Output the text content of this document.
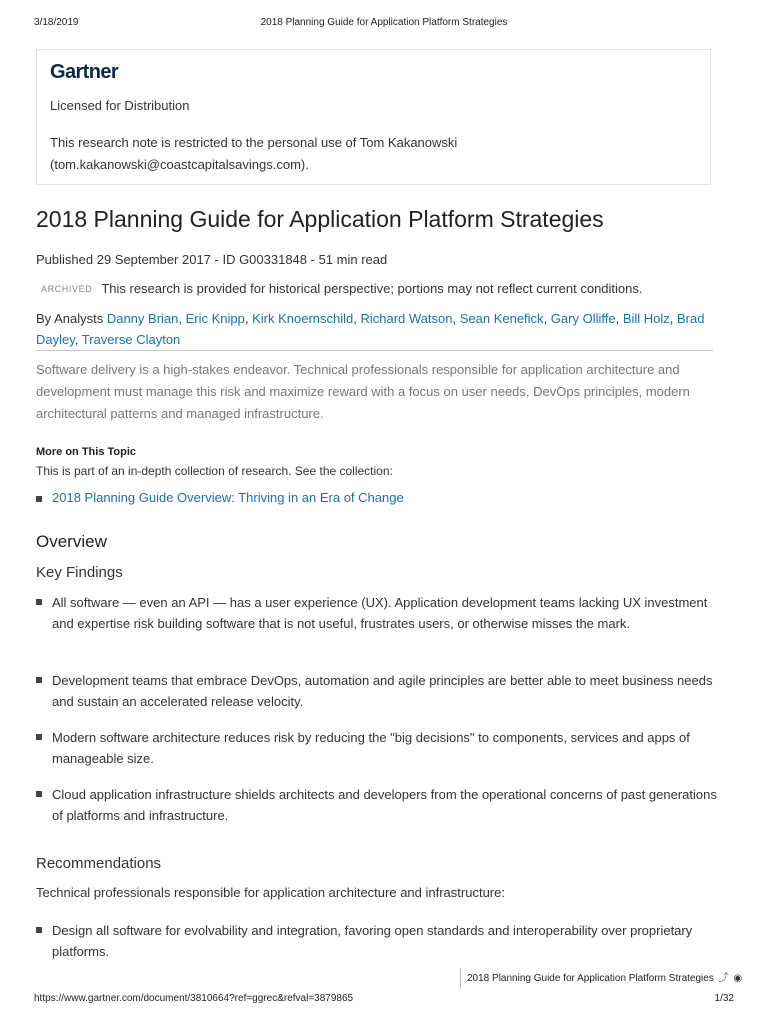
3/18/2019	2018 Planning Guide for Application Platform Strategies
Gartner
Licensed for Distribution
This research note is restricted to the personal use of Tom Kakanowski
(tom.kakanowski@coastcapitalsavings.com).
2018 Planning Guide for Application Platform Strategies
Published 29 September 2017 - ID G00331848 - 51 min read
ARCHIVED This research is provided for historical perspective; portions may not reflect current conditions.
By Analysts Danny Brian, Eric Knipp, Kirk Knoernschild, Richard Watson, Sean Kenefick, Gary Olliffe, Bill Holz, Brad Dayley, Traverse Clayton
Software delivery is a high-stakes endeavor. Technical professionals responsible for application architecture and development must manage this risk and maximize reward with a focus on user needs, DevOps principles, modern architectural patterns and managed infrastructure.
More on This Topic
This is part of an in-depth collection of research. See the collection:
2018 Planning Guide Overview: Thriving in an Era of Change
Overview
Key Findings
All software — even an API — has a user experience (UX). Application development teams lacking UX investment and expertise risk building software that is not useful, frustrates users, or otherwise misses the mark.
Development teams that embrace DevOps, automation and agile principles are better able to meet business needs and sustain an accelerated release velocity.
Modern software architecture reduces risk by reducing the "big decisions" to components, services and apps of manageable size.
Cloud application infrastructure shields architects and developers from the operational concerns of past generations of platforms and infrastructure.
Recommendations
Technical professionals responsible for application architecture and infrastructure:
Design all software for evolvability and integration, favoring open standards and interoperability over proprietary platforms.
2018 Planning Guide for Application Platform Strategies ⤴ ◉
https://www.gartner.com/document/3810664?ref=ggrec&refval=3879865	1/32
